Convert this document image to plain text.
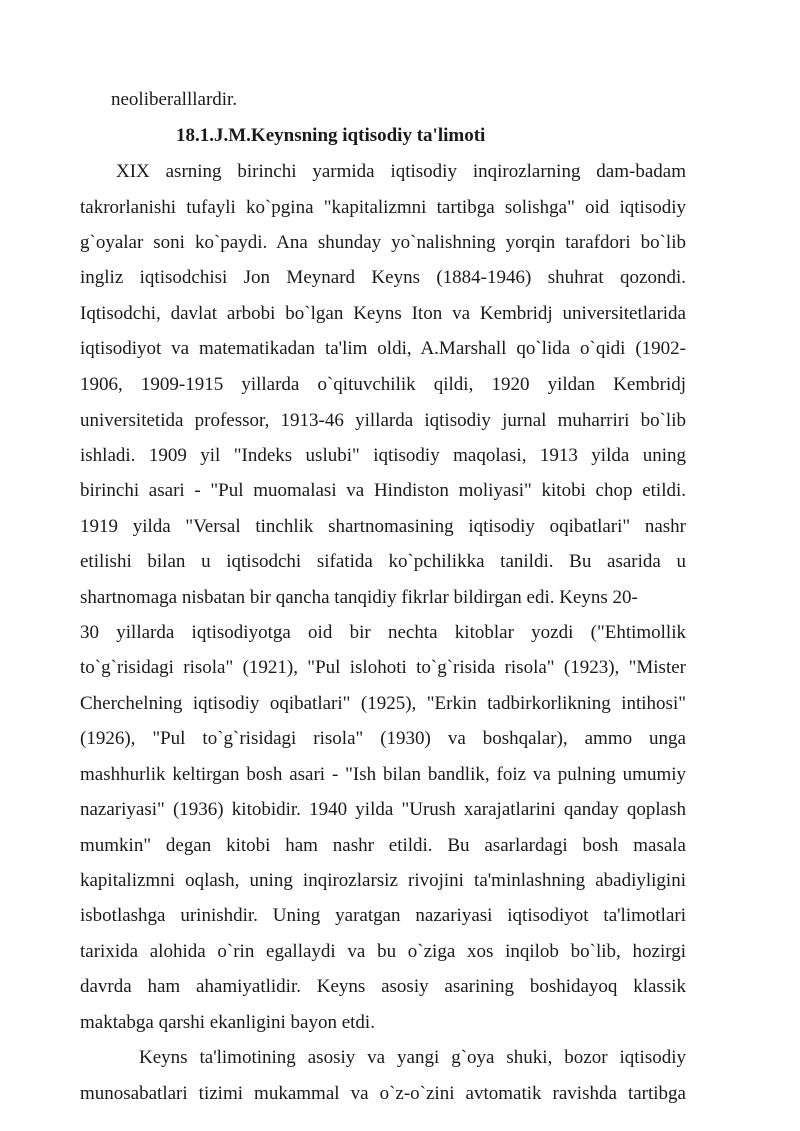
neoliberalllardir.
18.1.J.M.Keynsning iqtisodiy ta'limoti
XIX asrning birinchi yarmida iqtisodiy inqirozlarning dam-badam
takrorlanishi tufayli ko`pgina "kapitalizmni tartibga solishga" oid iqtisodiy
g`oyalar soni ko`paydi. Ana shunday yo`nalishning yorqin tarafdori bo`lib
ingliz iqtisodchisi Jon Meynard Keyns (1884-1946) shuhrat qozondi.
Iqtisodchi, davlat arbobi bo`lgan Keyns Iton va Kembridj universitetlarida
iqtisodiyot va matematikadan ta'lim oldi, A.Marshall qo`lida o`qidi (1902-
1906, 1909-1915 yillarda o`qituvchilik qildi, 1920 yildan Kembridj
universitetida professor, 1913-46 yillarda iqtisodiy jurnal muharriri bo`lib
ishladi. 1909 yil "Indeks uslubi" iqtisodiy maqolasi, 1913 yilda uning
birinchi asari - "Pul muomalasi va Hindiston moliyasi" kitobi chop etildi.
1919 yilda "Versal tinchlik shartnomasining iqtisodiy oqibatlari" nashr
etilishi bilan u iqtisodchi sifatida ko`pchilikka tanildi. Bu asarida u
shartnomaga nisbatan bir qancha tanqidiy fikrlar bildirgan edi. Keyns 20-
30 yillarda iqtisodiyotga oid bir nechta kitoblar yozdi ("Ehtimollik
to`g`risidagi risola" (1921), "Pul islohoti to`g`risida risola" (1923), "Mister
Cherchelning iqtisodiy oqibatlari" (1925), "Erkin tadbirkorlikning intihosi"
(1926), "Pul to`g`risidagi risola" (1930) va boshqalar), ammo unga
mashhurlik keltirgan bosh asari - "Ish bilan bandlik, foiz va pulning umumiy
nazariyasi" (1936) kitobidir. 1940 yilda "Urush xarajatlarini qanday qoplash
mumkin" degan kitobi ham nashr etildi. Bu asarlardagi bosh masala
kapitalizmni oqlash, uning inqirozlarsiz rivojini ta'minlashning abadiyligini
isbotlashga urinishdir. Uning yaratgan nazariyasi iqtisodiyot ta'limotlari
tarixida alohida o`rin egallaydi va bu o`ziga xos inqilob bo`lib, hozirgi
davrda ham ahamiyatlidir. Keyns asosiy asarining boshidayoq klassik
maktabga qarshi ekanligini bayon etdi.
Keyns ta'limotining asosiy va yangi g`oya shuki, bozor iqtisodiy
munosabatlari tizimi mukammal va o`z-o`zini avtomatik ravishda tartibga
